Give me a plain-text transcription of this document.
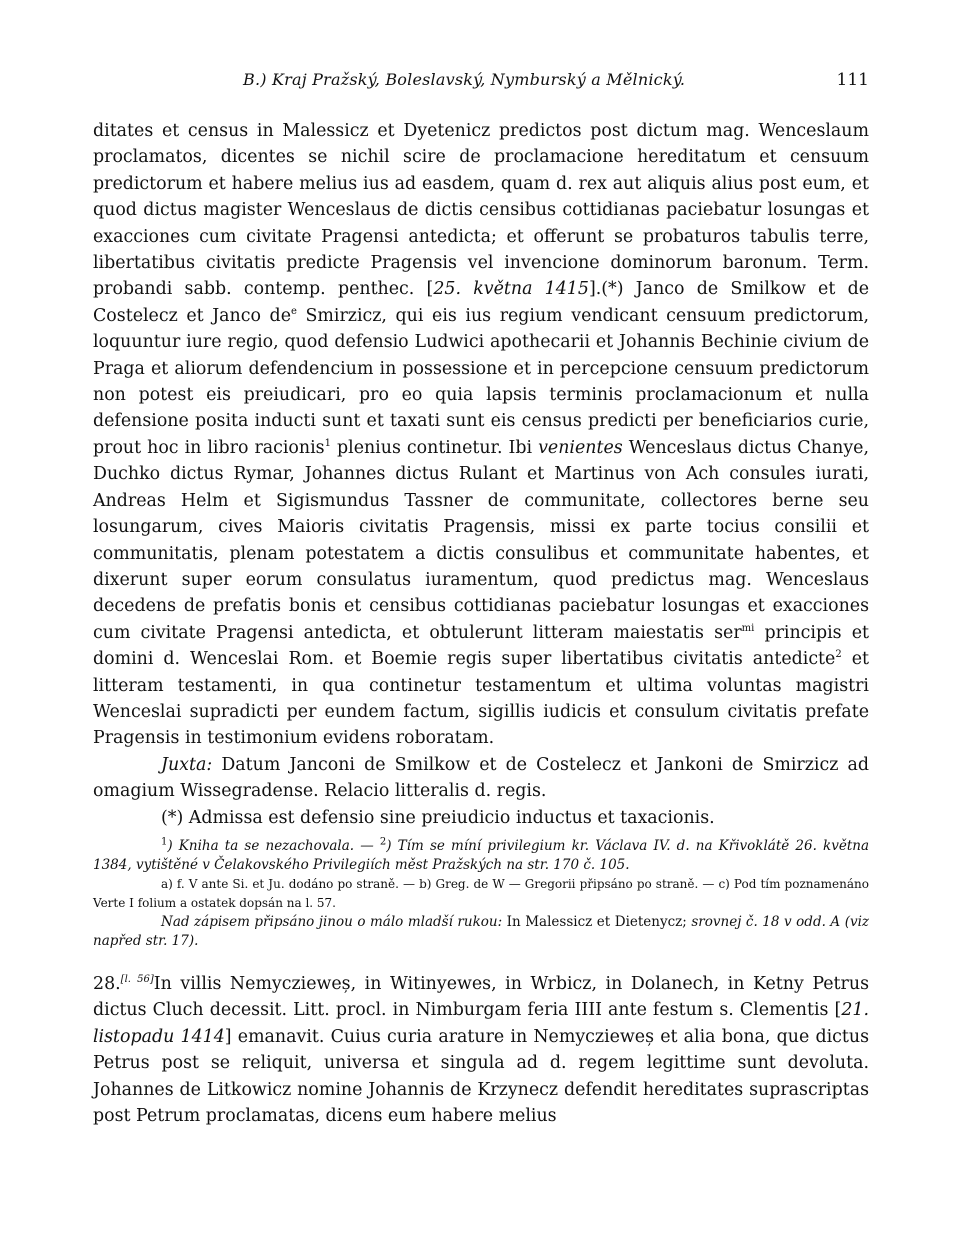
B.) Kraj Pražský, Boleslavský, Nymburský a Mělnický.	111

ditates et census in Malessicz et Dyetenicz predictos post dictum mag. Wenceslaum proclamatos, dicentes se nichil scire de proclamacione hereditatum et censuum predictorum et habere melius ius ad easdem, quam d. rex aut aliquis alius post eum, et quod dictus magister Wenceslaus de dictis censibus cottidianas paciebatur losungas et exacciones cum civitate Pragensi antedicta; et offerunt se probaturos tabulis terre, libertatibus civitatis predicte Pragensis vel invencione dominorum baronum. Term. probandi sabb. contemp. penthec. [25. května 1415].(*) Janco de Smilkow et de Costelecz et Janco $de^e$ Smirzicz, qui eis ius regium vendicant censuum predictorum, loquuntur iure regio, quod defensio Ludwici apothecarii et Johannis Bechinie civium de Praga et aliorum defendencium in possessione et in percepcione censuum predictorum non potest eis preiudicari, pro eo quia lapsis terminis proclamacionum et nulla defensione posita inducti sunt et taxati sunt eis census predicti per beneficiarios curie, prout hoc in libro racionis$^1$ plenius continetur. Ibi venientes Wenceslaus dictus Chanye, Duchko dictus Rymar, Johannes dictus Rulant et Martinus von Ach consules iurati, Andreas Helm et Sigismundus Tassner de communitate, collectores berne seu losungarum, cives Maioris civitatis Pragensis, missi ex parte tocius consilii et communitatis, plenam potestatem a dictis consulibus et communitate habentes, et dixerunt super eorum consulatus iuramentum, quod predictus mag. Wenceslaus decedens de prefatis bonis et censibus cottidianas paciebatur losungas et exacciones cum civitate Pragensi antedicta, et obtulerunt litteram maiestatis ser$^{mi}$ principis et domini d. Wenceslai Rom. et Boemie regis super libertatibus civitatis antedicte$^2$ et litteram testamenti, in qua continetur testamentum et ultima voluntas magistri Wenceslai supradicti per eundem factum, sigillis iudicis et consulum civitatis prefate Pragensis in testimonium evidens roboratam.

Juxta: Datum Janconi de Smilkow et de Costelecz et Jankoni de Smirzicz ad omagium Wissegradense. Relacio litteralis d. regis.

(*) Admissa est defensio sine preiudicio inductus et taxacionis.

$^1$) Kniha ta se nezachovala. — $^2$) Tím se míní privilegium kr. Václava IV. d. na Křivoklátě 26. května 1384, vytištěné v Čelakovského Privilegiích měst Pražských na str. 170 č. 105.

a) f. V ante Si. et Ju. dodáno po straně. — b) Greg. de W — Gregorii připsáno po straně. — c) Pod tím poznamenáno Verte I folium a ostatek dopsán na l. 57.

Nad zápisem připsáno jinou o málo mladší rukou: In Malessicz et Dietenycz; srovnej č. 18 v odd. A (viz napřed str. 17).

28.[l. 56]In villis Nemyczieweș, in Witinyewes, in Wrbicz, in Dolanech, in Ketny Petrus dictus Cluch decessit. Litt. procl. in Nimburgam feria IIII ante festum s. Clementis [21. listopadu 1414] emanavit. Cuius curia arature in Nemyczieweș et alia bona, que dictus Petrus post se reliquit, universa et singula ad d. regem legittime sunt devoluta. Johannes de Litkowicz nomine Johannis de Krzynecz defendit hereditates suprascriptas post Petrum proclamatas, dicens eum habere melius
